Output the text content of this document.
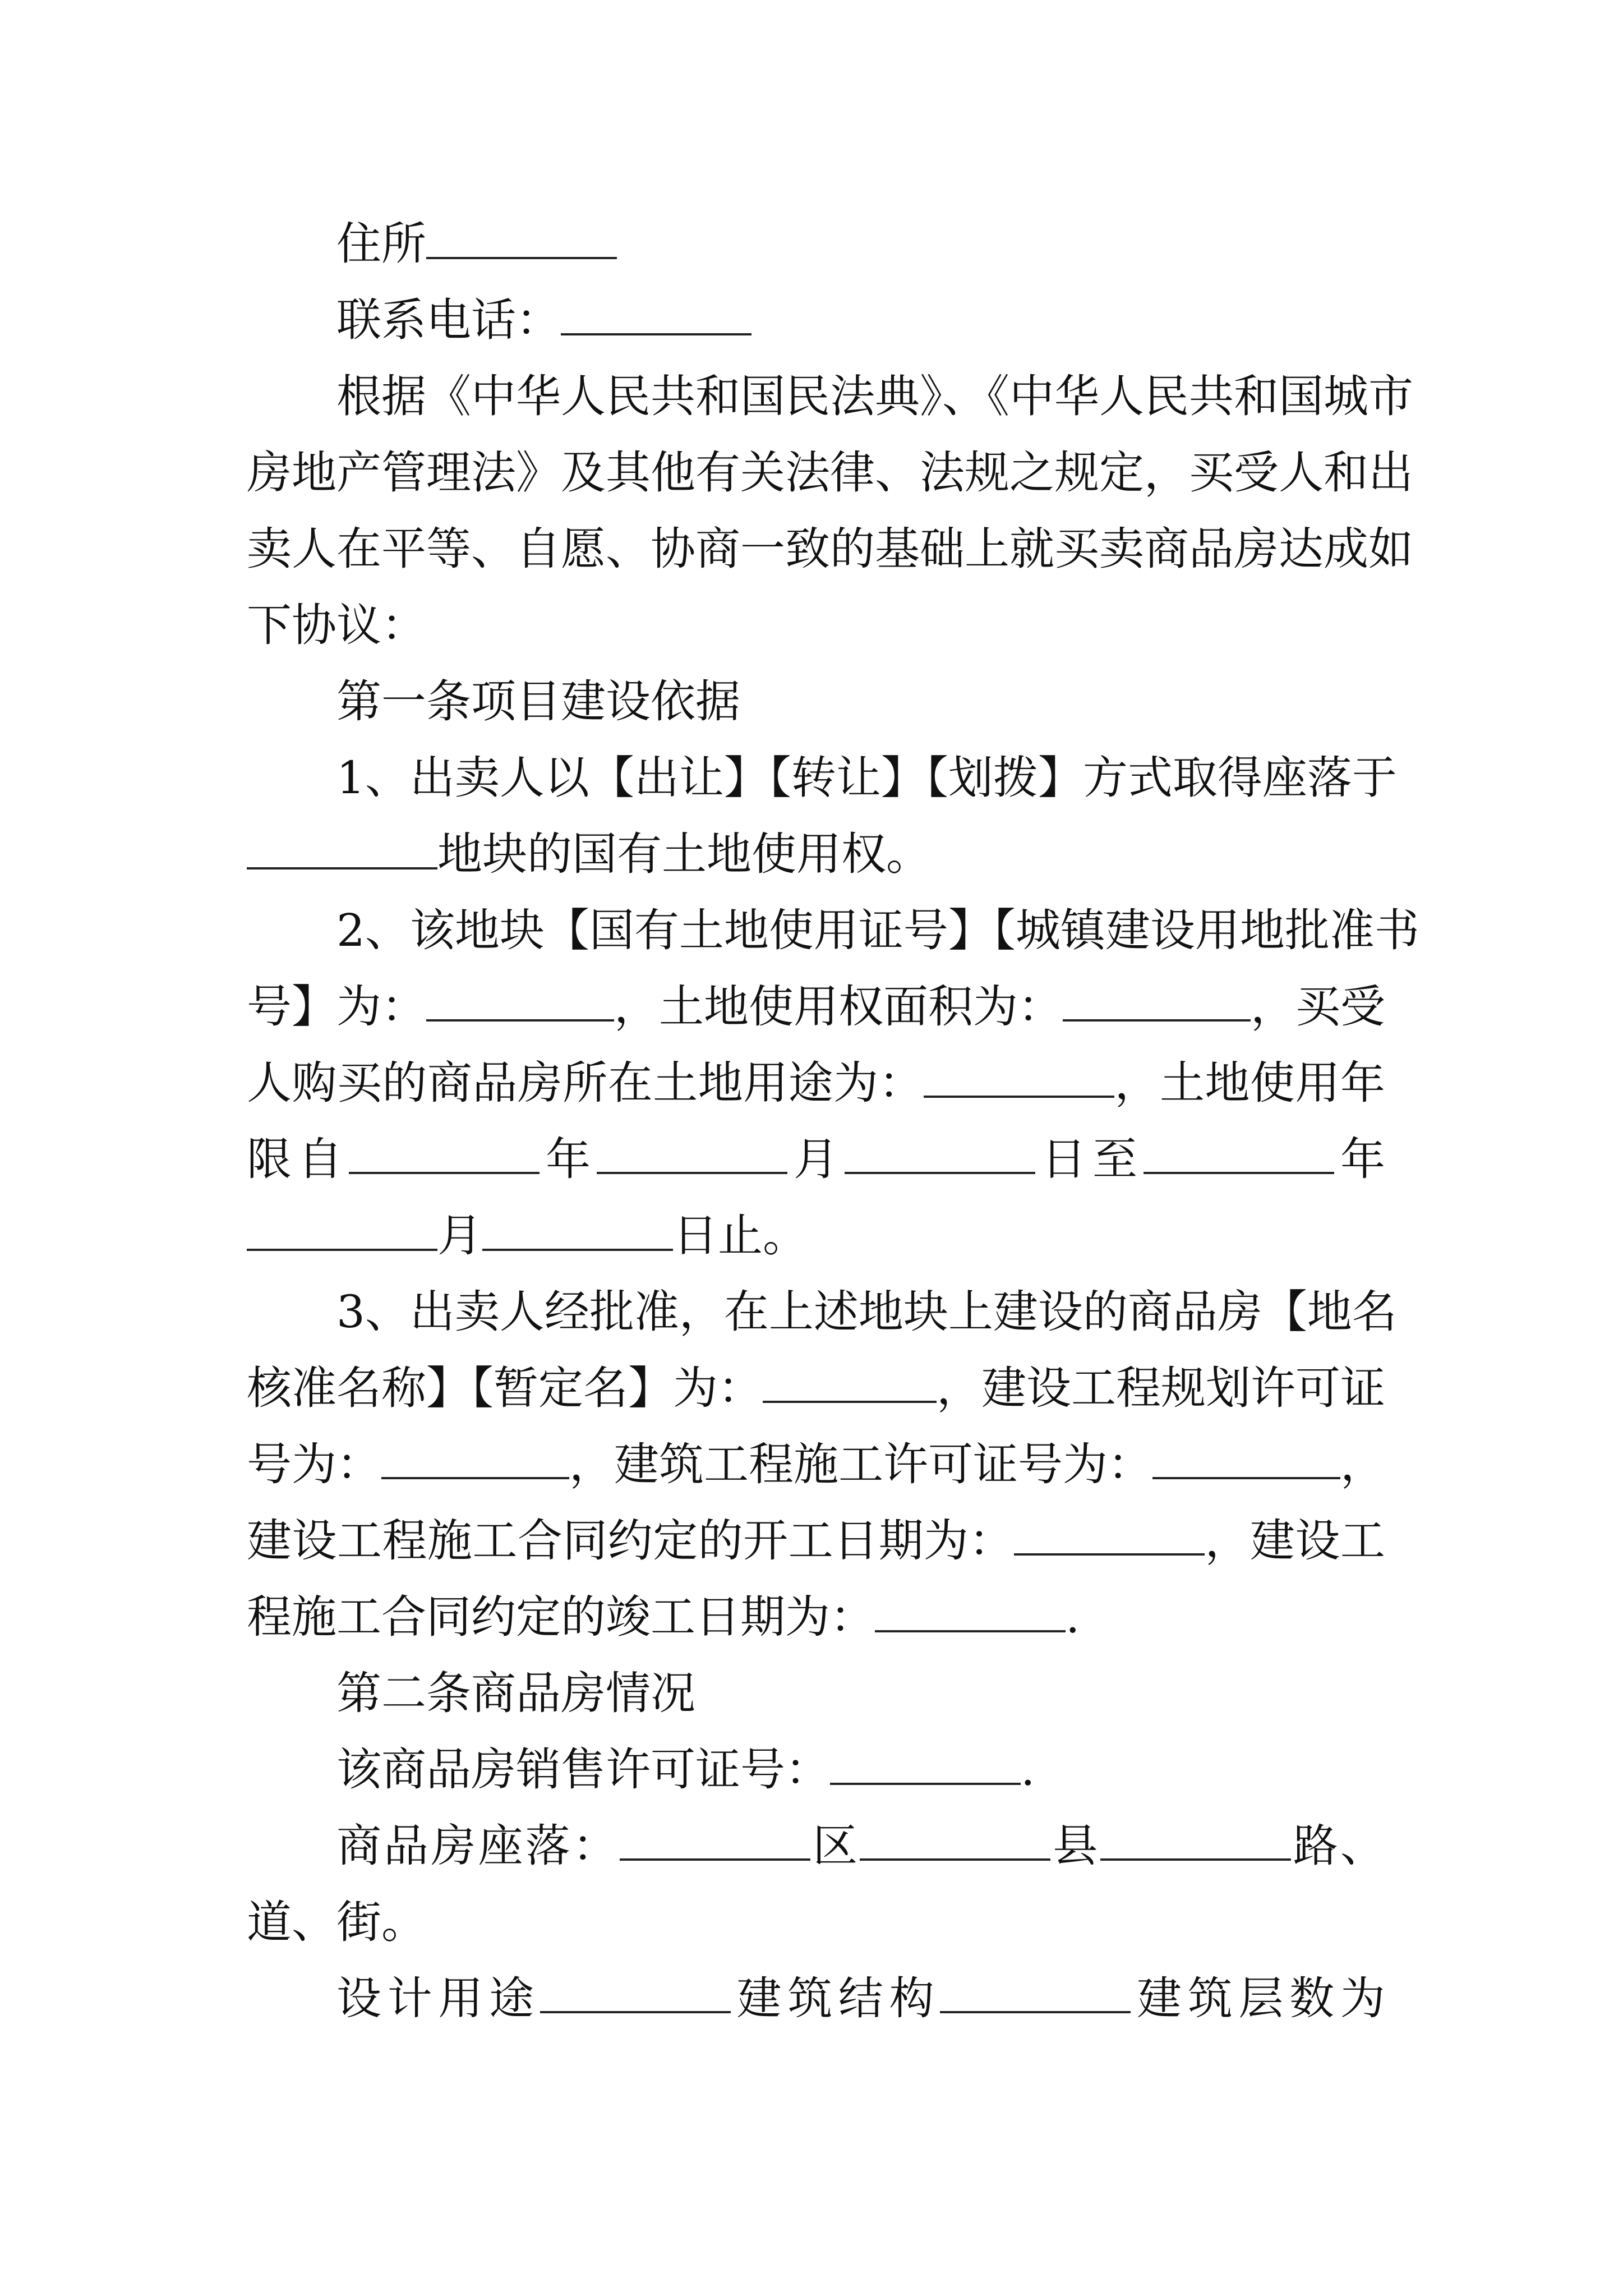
住所
联系电话：
根 据 《 中 华 人 民 共 和 国 民 法 典 》、《 中 华 人 民 共 和 国 城 市
房 地 产 管 理 法 》 及 其 他 有 关 法 律 、 法 规 之 规 定 ， 买 受 人 和 出
卖 人 在 平 等 、 自 愿 、 协 商 一 致 的 基 础 上 就 买 卖 商 品 房 达 成 如
下协议：
第一条项目建设依据
1 、 出 卖 人 以 【 出 让 】【 转 让 】【 划 拨 】 方 式 取 得 座 落 于
地块的国有土地使用权。
2 、 该 地 块 【 国 有 土 地 使 用 证 号 】【 城 镇 建 设 用 地 批 准 书
号 】 为 ：	， 土 地 使 用 权 面 积 为 ：	， 买 受
人 购 买 的 商 品 房 所 在 土 地 用 途 为 ：	， 土 地 使 用 年
限 自	年	月	日 至	年
月	日止。
3 、 出 卖 人 经 批 准 ， 在 上 述 地 块 上 建 设 的 商 品 房 【 地 名
核 准 名 称 】【 暂 定 名 】 为 ：	， 建 设 工 程 规 划 许 可 证
号 为 ：	， 建 筑 工 程 施 工 许 可 证 号 为 ：	，
建 设 工 程 施 工 合 同 约 定 的 开 工 日 期 为 ：	， 建 设 工
程施工合同约定的竣工日期为：	.
第二条商品房情况
该商品房销售许可证号：	.
商 品 房 座 落 ：	区	县	路 、
道、街。
设 计 用 途	建 筑 结 构	建 筑 层 数 为
